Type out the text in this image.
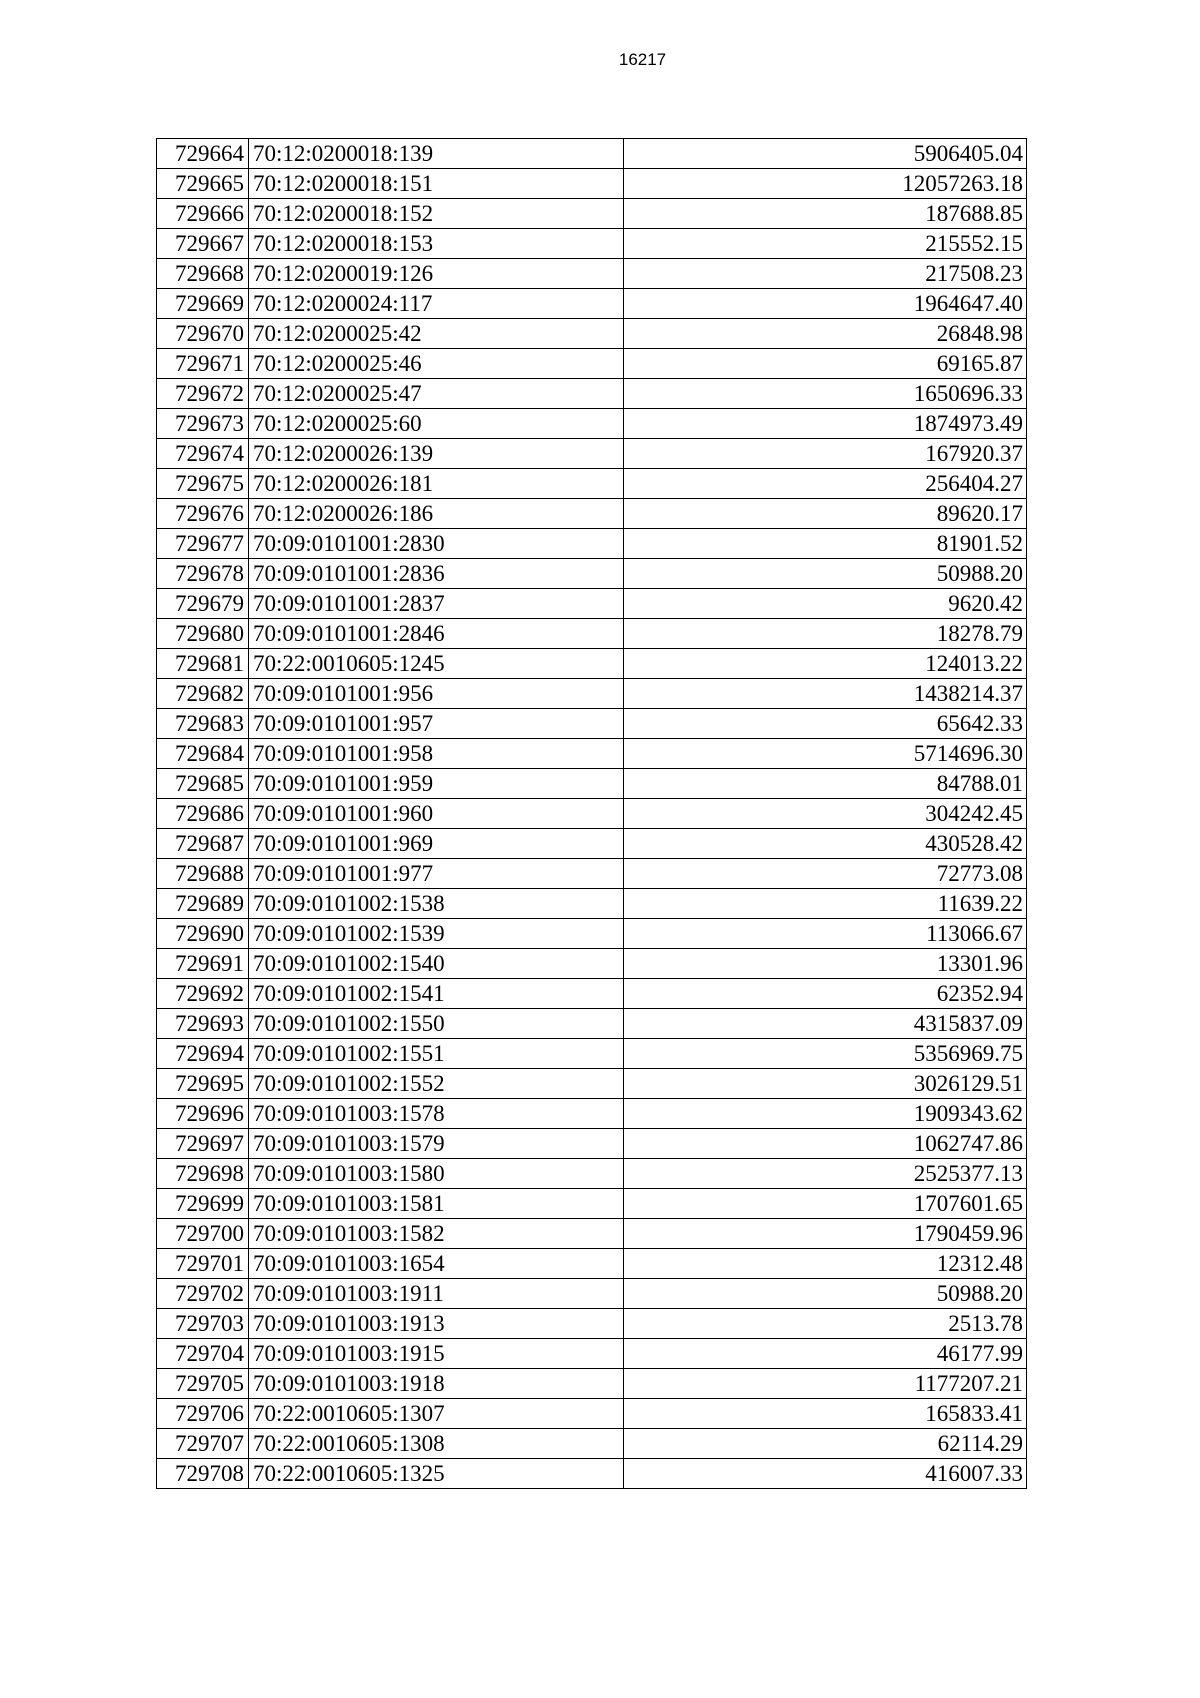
16217
729664	70:12:0200018:139	5906405.04
729665	70:12:0200018:151	12057263.18
729666	70:12:0200018:152	187688.85
729667	70:12:0200018:153	215552.15
729668	70:12:0200019:126	217508.23
729669	70:12:0200024:117	1964647.40
729670	70:12:0200025:42	26848.98
729671	70:12:0200025:46	69165.87
729672	70:12:0200025:47	1650696.33
729673	70:12:0200025:60	1874973.49
729674	70:12:0200026:139	167920.37
729675	70:12:0200026:181	256404.27
729676	70:12:0200026:186	89620.17
729677	70:09:0101001:2830	81901.52
729678	70:09:0101001:2836	50988.20
729679	70:09:0101001:2837	9620.42
729680	70:09:0101001:2846	18278.79
729681	70:22:0010605:1245	124013.22
729682	70:09:0101001:956	1438214.37
729683	70:09:0101001:957	65642.33
729684	70:09:0101001:958	5714696.30
729685	70:09:0101001:959	84788.01
729686	70:09:0101001:960	304242.45
729687	70:09:0101001:969	430528.42
729688	70:09:0101001:977	72773.08
729689	70:09:0101002:1538	11639.22
729690	70:09:0101002:1539	113066.67
729691	70:09:0101002:1540	13301.96
729692	70:09:0101002:1541	62352.94
729693	70:09:0101002:1550	4315837.09
729694	70:09:0101002:1551	5356969.75
729695	70:09:0101002:1552	3026129.51
729696	70:09:0101003:1578	1909343.62
729697	70:09:0101003:1579	1062747.86
729698	70:09:0101003:1580	2525377.13
729699	70:09:0101003:1581	1707601.65
729700	70:09:0101003:1582	1790459.96
729701	70:09:0101003:1654	12312.48
729702	70:09:0101003:1911	50988.20
729703	70:09:0101003:1913	2513.78
729704	70:09:0101003:1915	46177.99
729705	70:09:0101003:1918	1177207.21
729706	70:22:0010605:1307	165833.41
729707	70:22:0010605:1308	62114.29
729708	70:22:0010605:1325	416007.33
